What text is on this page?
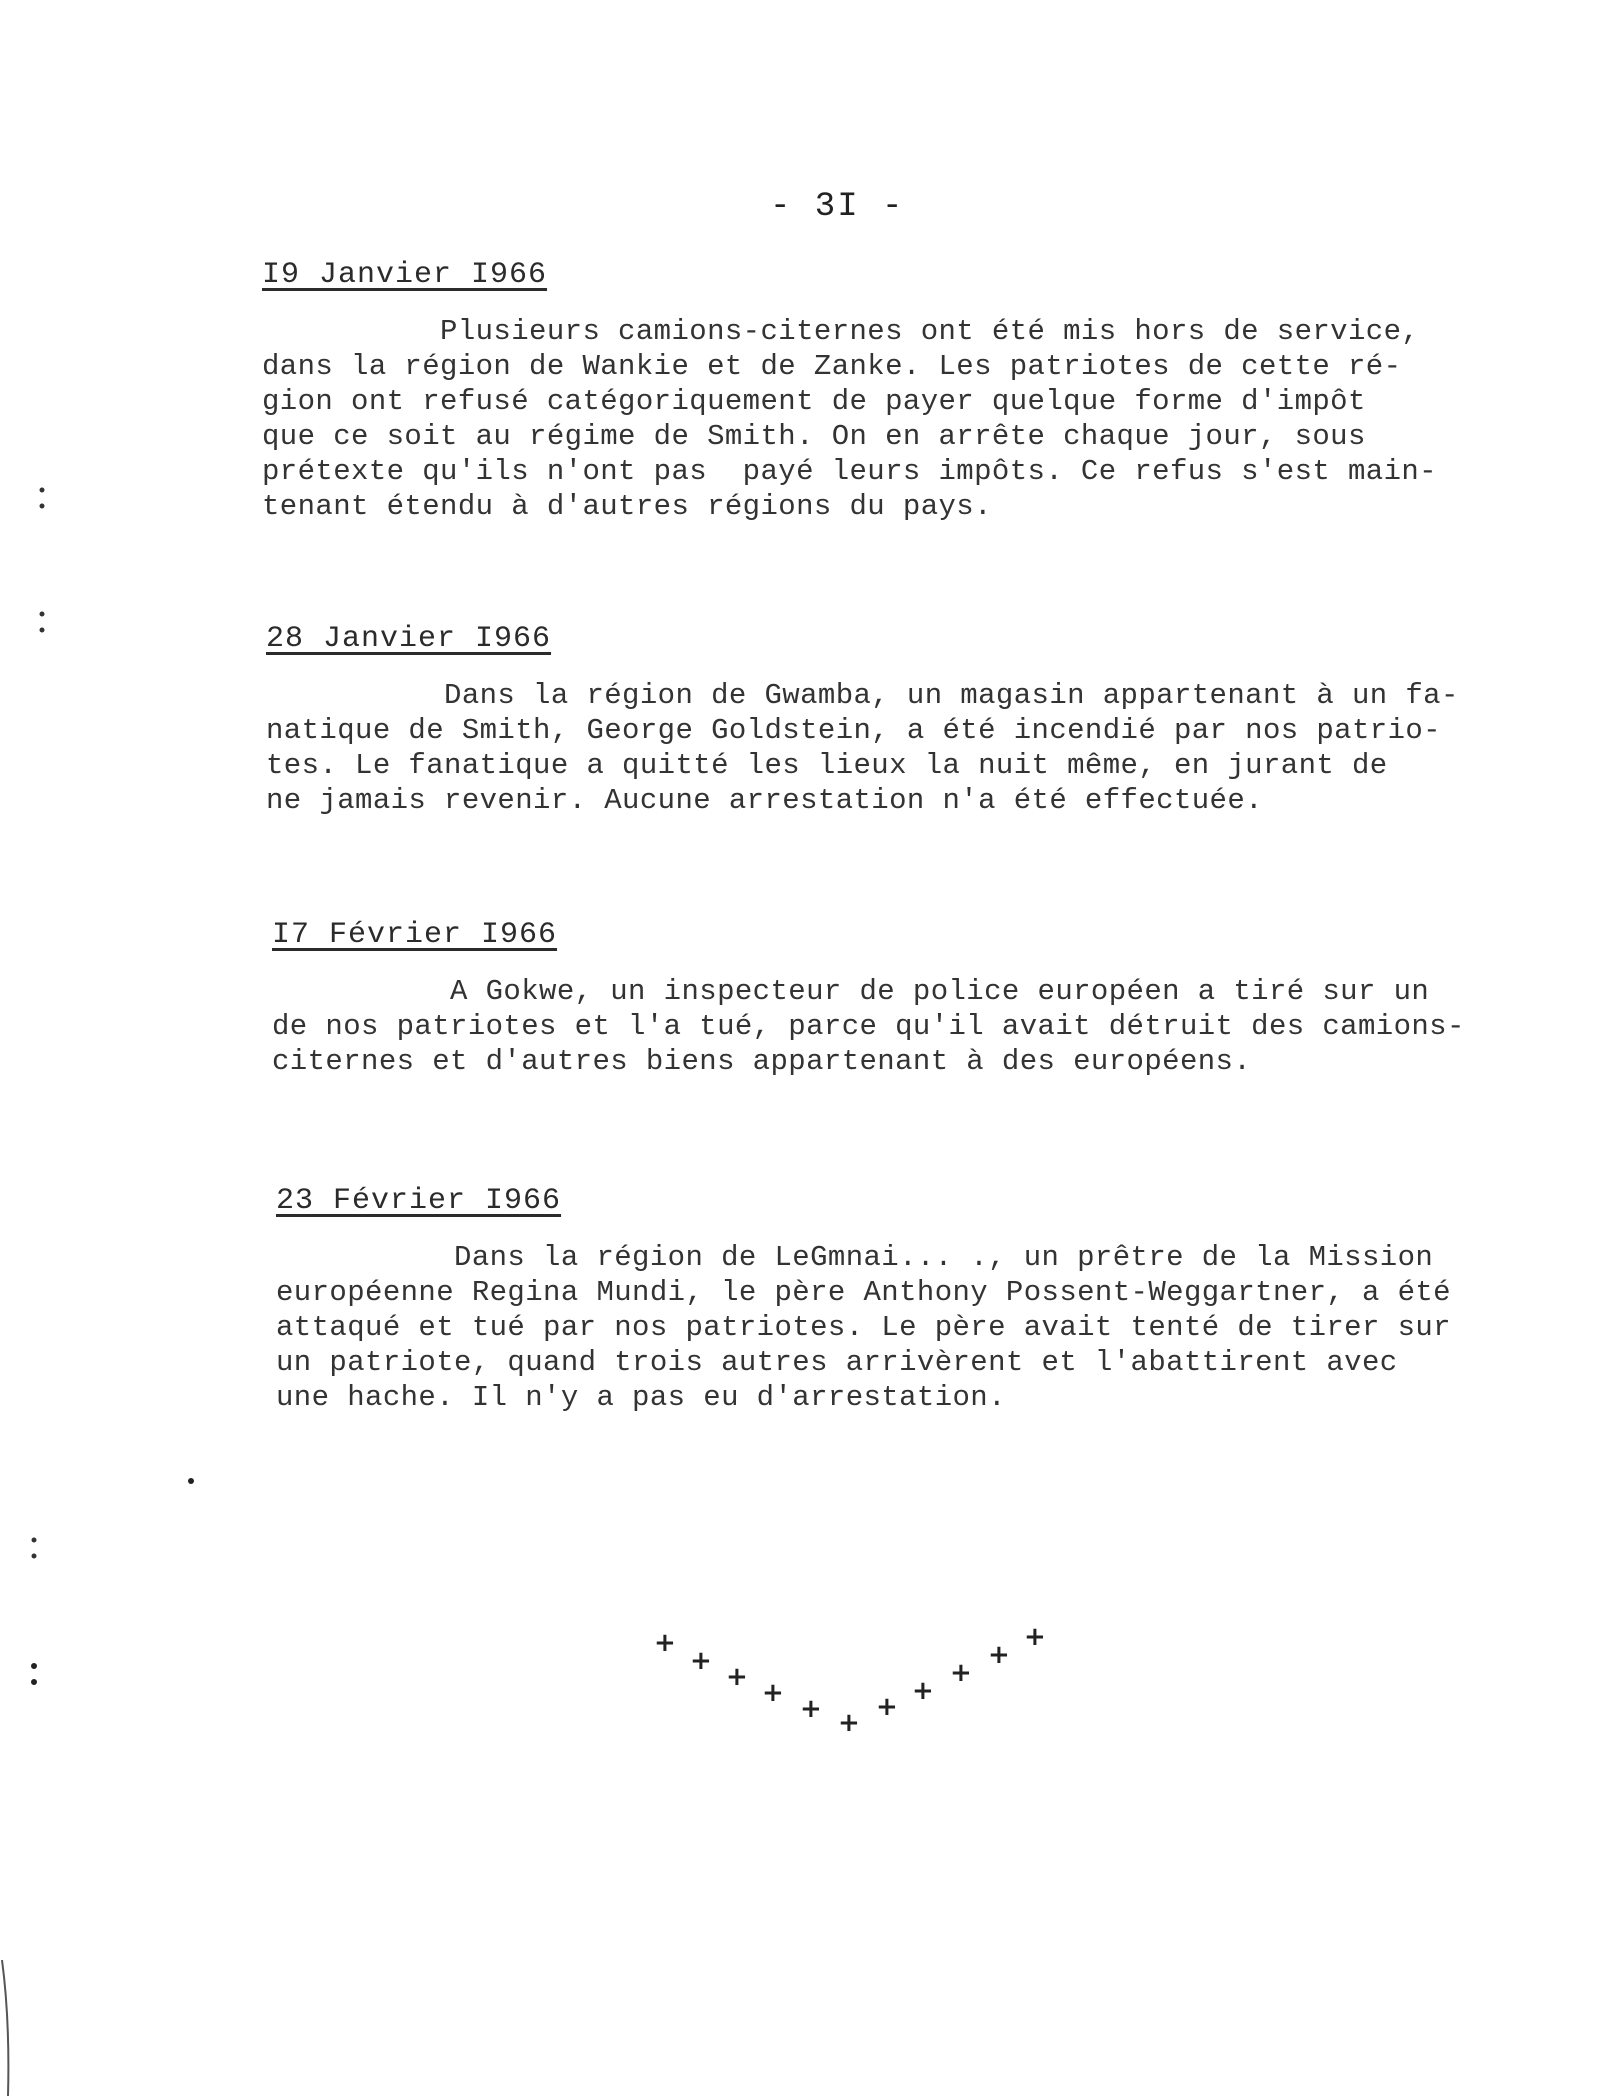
- 3I -
I9 Janvier I966

Plusieurs camions-citernes ont été mis hors de service,
dans la région de Wankie et de Zanke. Les patriotes de cette ré-
gion ont refusé catégoriquement de payer quelque forme d'impôt
que ce soit au régime de Smith. On en arrête chaque jour, sous
prétexte qu'ils n'ont pas  payé leurs impôts. Ce refus s'est main-
tenant étendu à d'autres régions du pays.

28 Janvier I966

Dans la région de Gwamba, un magasin appartenant à un fa-
natique de Smith, George Goldstein, a été incendié par nos patrio-
tes. Le fanatique a quitté les lieux la nuit même, en jurant de
ne jamais revenir. Aucune arrestation n'a été effectuée.

I7 Février I966

A Gokwe, un inspecteur de police européen a tiré sur un
de nos patriotes et l'a tué, parce qu'il avait détruit des camions-
citernes et d'autres biens appartenant à des européens.

23 Février I966

Dans la région de LeGmnai... ., un prêtre de la Mission
européenne Regina Mundi, le père Anthony Possent-Weggartner, a été
attaqué et tué par nos patriotes. Le père avait tenté de tirer sur
un patriote, quand trois autres arrivèrent et l'abattirent avec
une hache. Il n'y a pas eu d'arrestation.

+
+
+
+
+ +
+
+
+
+
+
